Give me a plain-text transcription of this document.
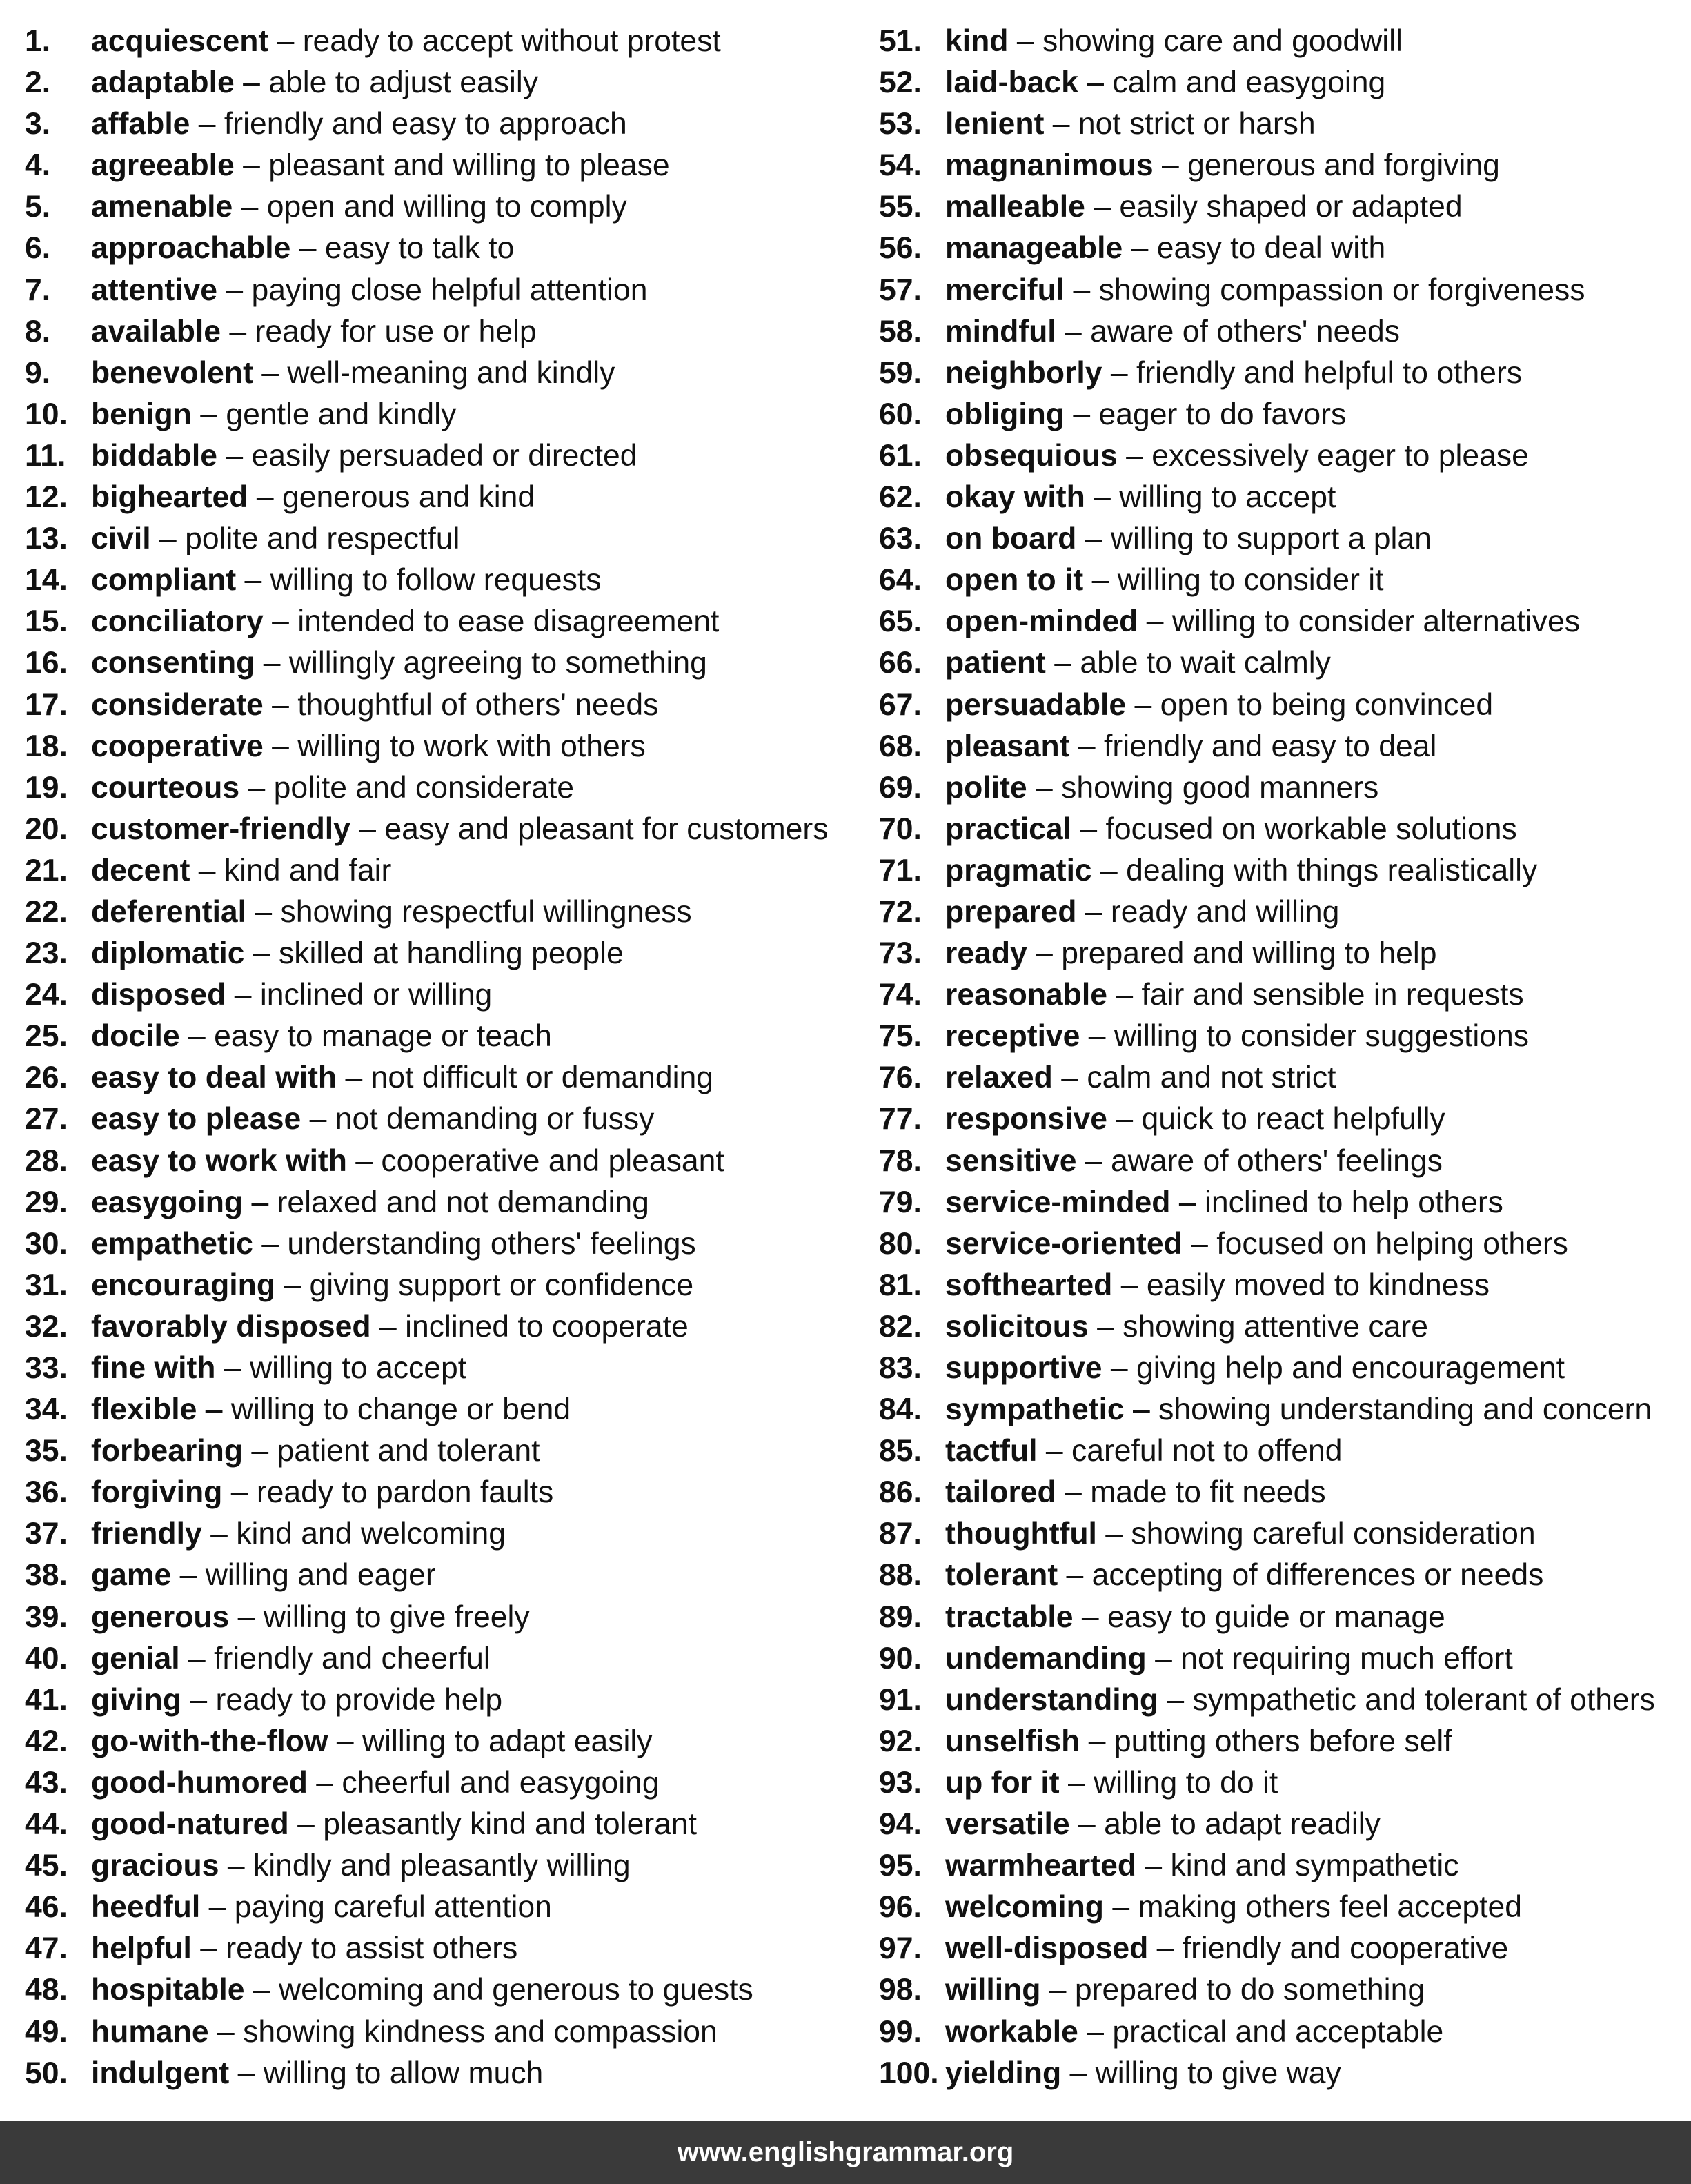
1. acquiescent – ready to accept without protest
2. adaptable – able to adjust easily
3. affable – friendly and easy to approach
4. agreeable – pleasant and willing to please
5. amenable – open and willing to comply
6. approachable – easy to talk to
7. attentive – paying close helpful attention
8. available – ready for use or help
9. benevolent – well-meaning and kindly
10. benign – gentle and kindly
11. biddable – easily persuaded or directed
12. bighearted – generous and kind
13. civil – polite and respectful
14. compliant – willing to follow requests
15. conciliatory – intended to ease disagreement
16. consenting – willingly agreeing to something
17. considerate – thoughtful of others' needs
18. cooperative – willing to work with others
19. courteous – polite and considerate
20. customer-friendly – easy and pleasant for customers
21. decent – kind and fair
22. deferential – showing respectful willingness
23. diplomatic – skilled at handling people
24. disposed – inclined or willing
25. docile – easy to manage or teach
26. easy to deal with – not difficult or demanding
27. easy to please – not demanding or fussy
28. easy to work with – cooperative and pleasant
29. easygoing – relaxed and not demanding
30. empathetic – understanding others' feelings
31. encouraging – giving support or confidence
32. favorably disposed – inclined to cooperate
33. fine with – willing to accept
34. flexible – willing to change or bend
35. forbearing – patient and tolerant
36. forgiving – ready to pardon faults
37. friendly – kind and welcoming
38. game – willing and eager
39. generous – willing to give freely
40. genial – friendly and cheerful
41. giving – ready to provide help
42. go-with-the-flow – willing to adapt easily
43. good-humored – cheerful and easygoing
44. good-natured – pleasantly kind and tolerant
45. gracious – kindly and pleasantly willing
46. heedful – paying careful attention
47. helpful – ready to assist others
48. hospitable – welcoming and generous to guests
49. humane – showing kindness and compassion
50. indulgent – willing to allow much
51. kind – showing care and goodwill
52. laid-back – calm and easygoing
53. lenient – not strict or harsh
54. magnanimous – generous and forgiving
55. malleable – easily shaped or adapted
56. manageable – easy to deal with
57. merciful – showing compassion or forgiveness
58. mindful – aware of others' needs
59. neighborly – friendly and helpful to others
60. obliging – eager to do favors
61. obsequious – excessively eager to please
62. okay with – willing to accept
63. on board – willing to support a plan
64. open to it – willing to consider it
65. open-minded – willing to consider alternatives
66. patient – able to wait calmly
67. persuadable – open to being convinced
68. pleasant – friendly and easy to deal
69. polite – showing good manners
70. practical – focused on workable solutions
71. pragmatic – dealing with things realistically
72. prepared – ready and willing
73. ready – prepared and willing to help
74. reasonable – fair and sensible in requests
75. receptive – willing to consider suggestions
76. relaxed – calm and not strict
77. responsive – quick to react helpfully
78. sensitive – aware of others' feelings
79. service-minded – inclined to help others
80. service-oriented – focused on helping others
81. softhearted – easily moved to kindness
82. solicitous – showing attentive care
83. supportive – giving help and encouragement
84. sympathetic – showing understanding and concern
85. tactful – careful not to offend
86. tailored – made to fit needs
87. thoughtful – showing careful consideration
88. tolerant – accepting of differences or needs
89. tractable – easy to guide or manage
90. undemanding – not requiring much effort
91. understanding – sympathetic and tolerant of others
92. unselfish – putting others before self
93. up for it – willing to do it
94. versatile – able to adapt readily
95. warmhearted – kind and sympathetic
96. welcoming – making others feel accepted
97. well-disposed – friendly and cooperative
98. willing – prepared to do something
99. workable – practical and acceptable
100. yielding – willing to give way
www.englishgrammar.org
